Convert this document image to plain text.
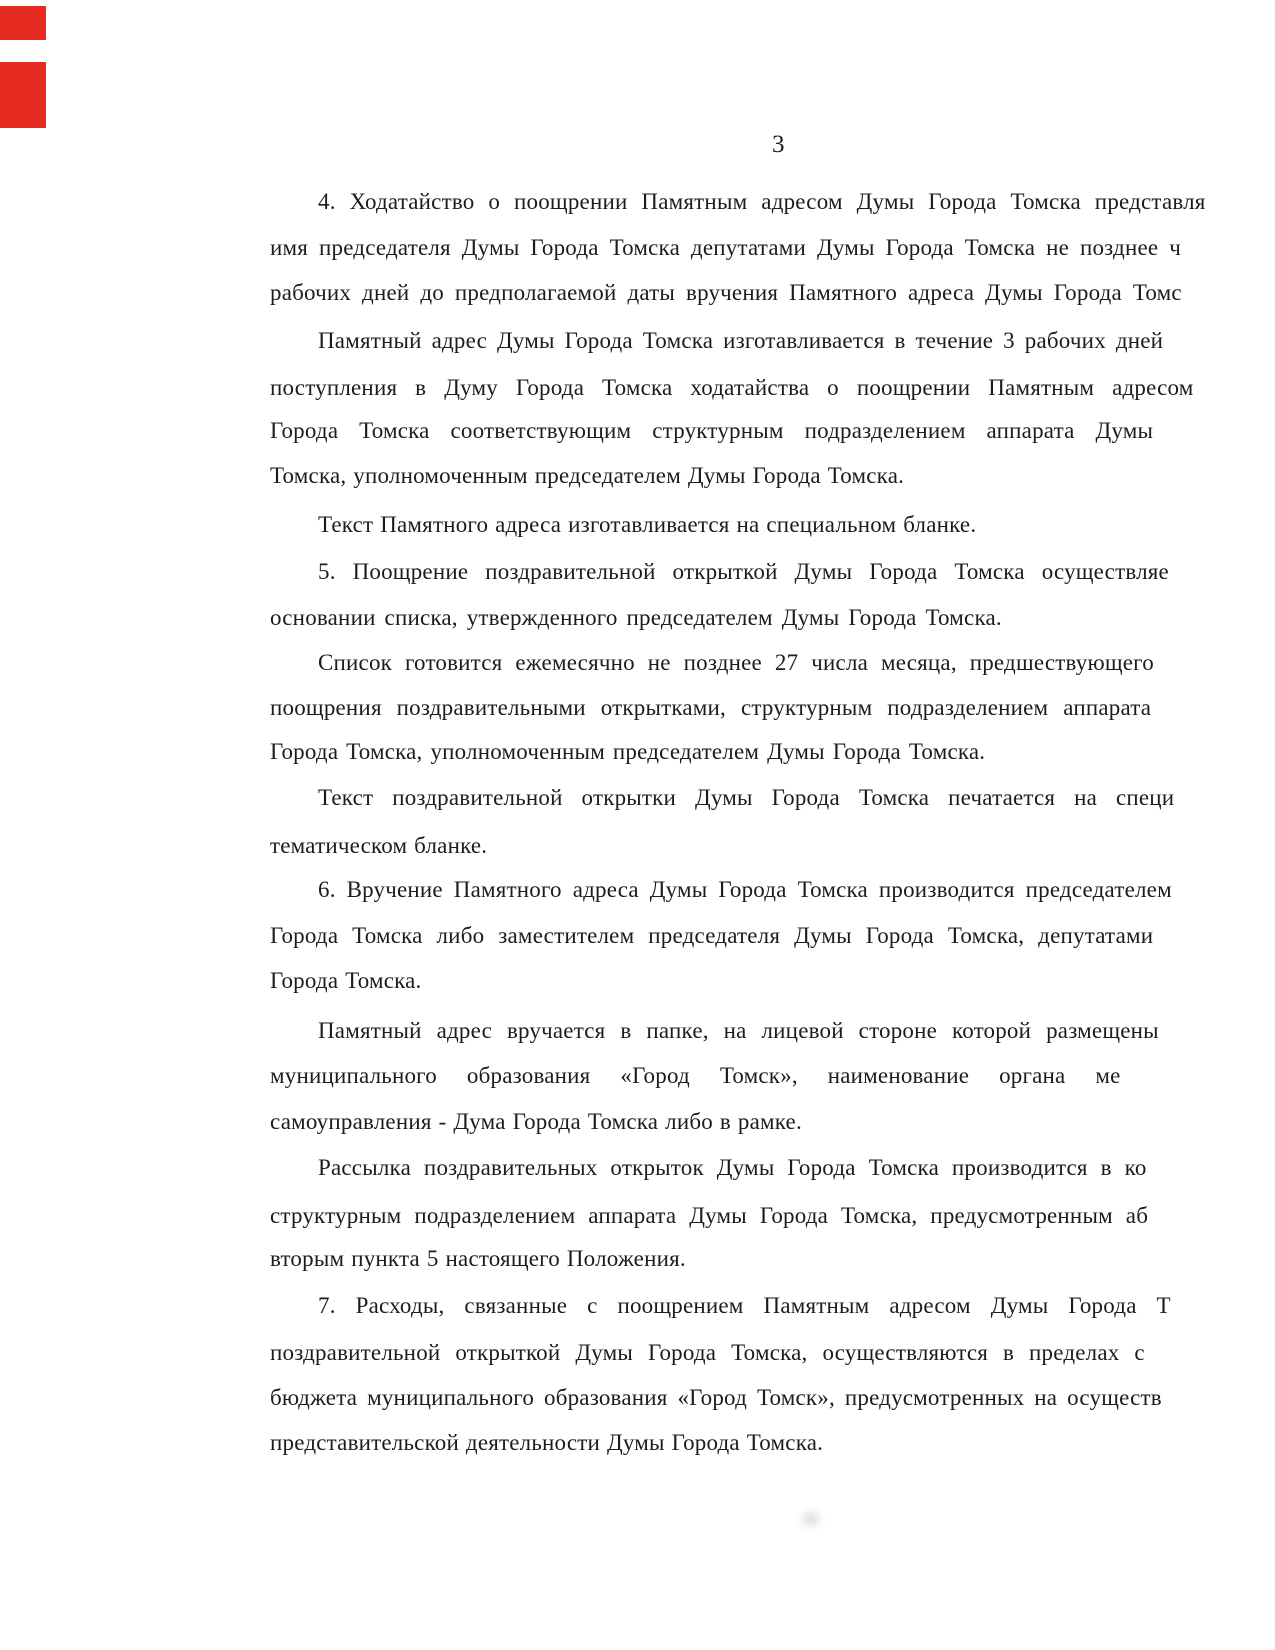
3
4. Ходатайство о поощрении Памятным адресом Думы Города Томска представля
имя председателя Думы Города Томска депутатами Думы Города Томска не позднее ч
рабочих дней до предполагаемой даты вручения Памятного адреса Думы Города Томс
Памятный адрес Думы Города Томска изготавливается в течение 3 рабочих дней
поступления в Думу Города Томска ходатайства о поощрении Памятным адресом
Города Томска соответствующим структурным подразделением аппарата Думы
Томска, уполномоченным председателем Думы Города Томска.
Текст Памятного адреса изготавливается на специальном бланке.
5. Поощрение поздравительной открыткой Думы Города Томска осуществляе
основании списка, утвержденного председателем Думы Города Томска.
Список готовится ежемесячно не позднее 27 числа месяца, предшествующего
поощрения поздравительными открытками, структурным подразделением аппарата
Города Томска, уполномоченным председателем Думы Города Томска.
Текст поздравительной открытки Думы Города Томска печатается на специ
тематическом бланке.
6. Вручение Памятного адреса Думы Города Томска производится председателем
Города Томска либо заместителем председателя Думы Города Томска, депутатами
Города Томска.
Памятный адрес вручается в папке, на лицевой стороне которой размещены
муниципального образования «Город Томск», наименование органа ме
самоуправления - Дума Города Томска либо в рамке.
Рассылка поздравительных открыток Думы Города Томска производится в ко
структурным подразделением аппарата Думы Города Томска, предусмотренным аб
вторым пункта 5 настоящего Положения.
7. Расходы, связанные с поощрением Памятным адресом Думы Города Т
поздравительной открыткой Думы Города Томска, осуществляются в пределах с
бюджета муниципального образования «Город Томск», предусмотренных на осуществ
представительской деятельности Думы Города Томска.
